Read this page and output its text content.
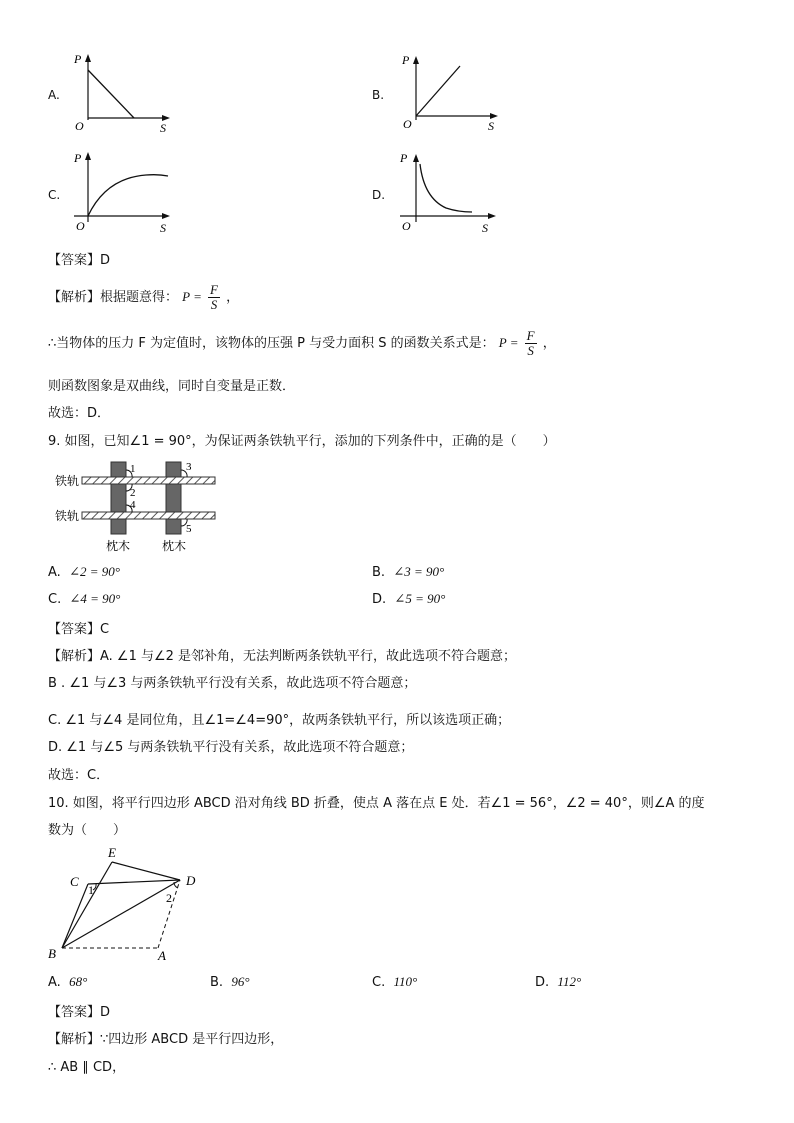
A.
P
S
O
B.
P
S
O
C.
P
S
O
D.
P
S
O
【答案】D
【解析】根据题意得： $P = \frac{F}{S}$ ，
∴当物体的压力 F 为定值时，该物体的压强 P 与受力面积 S 的函数关系式是： $P = \frac{F}{S}$ ，
则函数图象是双曲线，同时自变量是正数．
故选：D．
9. 如图，已知∠1 = 90°，为保证两条铁轨平行，添加的下列条件中，正确的是（　　）
1
2
3
4
5
铁轨
铁轨
枕木	枕木
A. ∠2 = 90°	B. ∠3 = 90°
C. ∠4 = 90°	D. ∠5 = 90°
【答案】C
【解析】A. ∠1 与∠2 是邻补角，无法判断两条铁轨平行，故此选项不符合题意；
B . ∠1 与∠3 与两条铁轨平行没有关系，故此选项不符合题意；
C. ∠1 与∠4 是同位角，且∠1=∠4=90°，故两条铁轨平行，所以该选项正确；
D. ∠1 与∠5 与两条铁轨平行没有关系，故此选项不符合题意；
故选：C．
10. 如图，将平行四边形 ABCD 沿对角线 BD 折叠，使点 A 落在点 E 处．若∠1 = 56°，∠2 = 40°，则∠A 的度
数为（　　）
E
C	D
B	A
1
2
A. 68°	B. 96°	C. 110°	D. 112°
【答案】D
【解析】∵四边形 ABCD 是平行四边形，
∴ AB ∥ CD，
